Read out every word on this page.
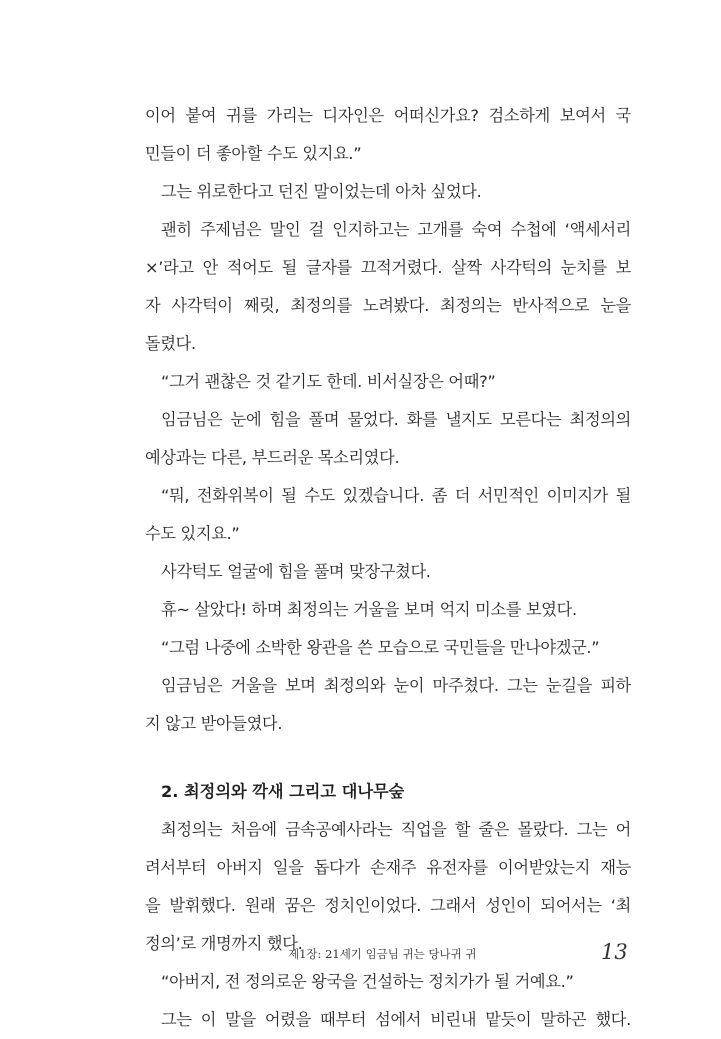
이어 붙여 귀를 가리는 디자인은 어떠신가요? 검소하게 보여서 국
민들이 더 좋아할 수도 있지요.”
그는 위로한다고 던진 말이었는데 아차 싶었다.
괜히 주제넘은 말인 걸 인지하고는 고개를 숙여 수첩에 ‘액세서리
×’라고 안 적어도 될 글자를 끄적거렸다. 살짝 사각턱의 눈치를 보
자 사각턱이 째릿, 최정의를 노려봤다. 최정의는 반사적으로 눈을
돌렸다.
“그거 괜찮은 것 같기도 한데. 비서실장은 어때?”
임금님은 눈에 힘을 풀며 물었다. 화를 낼지도 모른다는 최정의의
예상과는 다른, 부드러운 목소리였다.
“뭐, 전화위복이 될 수도 있겠습니다. 좀 더 서민적인 이미지가 될
수도 있지요.”
사각턱도 얼굴에 힘을 풀며 맞장구쳤다.
휴~ 살았다! 하며 최정의는 거울을 보며 억지 미소를 보였다.
“그럼 나중에 소박한 왕관을 쓴 모습으로 국민들을 만나야겠군.”
임금님은 거울을 보며 최정의와 눈이 마주쳤다. 그는 눈길을 피하
지 않고 받아들였다.
2. 최정의와 깍새 그리고 대나무숲
최정의는 처음에 금속공예사라는 직업을 할 줄은 몰랐다. 그는 어
려서부터 아버지 일을 돕다가 손재주 유전자를 이어받았는지 재능
을 발휘했다. 원래 꿈은 정치인이었다. 그래서 성인이 되어서는 ‘최
정의’로 개명까지 했다.
“아버지, 전 정의로운 왕국을 건설하는 정치가가 될 거예요.”
그는 이 말을 어렸을 때부터 섬에서 비린내 맡듯이 말하곤 했다.
제1장: 21세기 임금님 귀는 당나귀 귀	13
